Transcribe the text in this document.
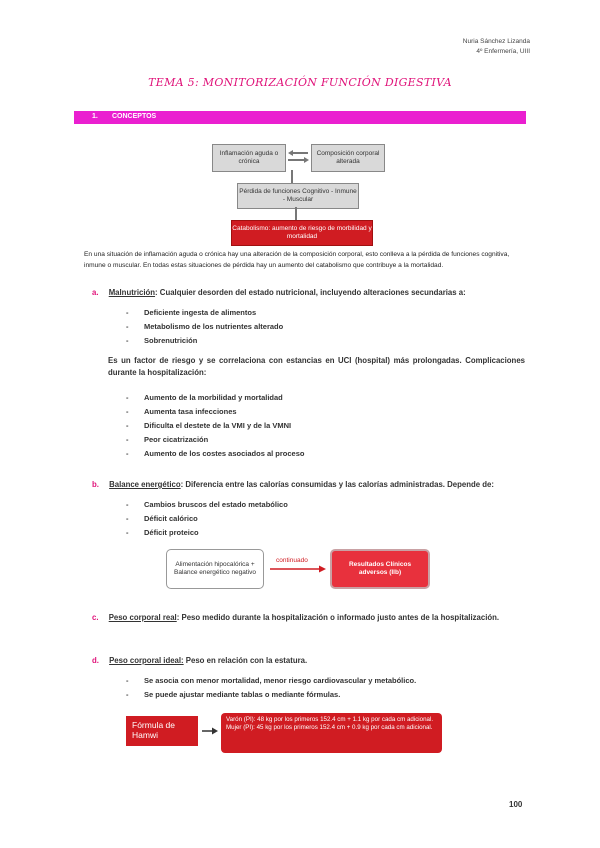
Nuria Sánchez Lizanda
4º Enfermería, UIII
TEMA 5: MONITORIZACIÓN FUNCIÓN DIGESTIVA
1. CONCEPTOS
Inflamación aguda o crónica
Composición corporal alterada
Pérdida de funciones Cognitivo - Inmune - Muscular
Catabolismo: aumento de riesgo de morbilidad y mortalidad

En una situación de inflamación aguda o crónica hay una alteración de la composición corporal, esto conlleva a la pérdida de funciones cognitiva, inmune o muscular. En todas estas situaciones de pérdida hay un aumento del catabolismo que contribuye a la mortalidad.

a. Malnutrición: Cualquier desorden del estado nutricional, incluyendo alteraciones secundarias a:
- Deficiente ingesta de alimentos
- Metabolismo de los nutrientes alterado
- Sobrenutrición
Es un factor de riesgo y se correlaciona con estancias en UCI (hospital) más prolongadas. Complicaciones durante la hospitalización:
- Aumento de la morbilidad y mortalidad
- Aumenta tasa infecciones
- Dificulta el destete de la VMI y de la VMNI
- Peor cicatrización
- Aumento de los costes asociados al proceso
b. Balance energético: Diferencia entre las calorías consumidas y las calorías administradas. Depende de:
- Cambios bruscos del estado metabólico
- Déficit calórico
- Déficit proteico
Alimentación hipocalórica + Balance energético negativo
continuado
Resultados Clínicos adversos (IIb)
c. Peso corporal real: Peso medido durante la hospitalización o informado justo antes de la hospitalización.
d. Peso corporal ideal: Peso en relación con la estatura.
- Se asocia con menor mortalidad, menor riesgo cardiovascular y metabólico.
- Se puede ajustar mediante tablas o mediante fórmulas.
Fórmula de Hamwi
Varón (PI): 48 kg por los primeros 152.4 cm + 1.1 kg por cada cm adicional.
Mujer (PI): 45 kg por los primeros 152.4 cm + 0.9 kg por cada cm adicional.
100
